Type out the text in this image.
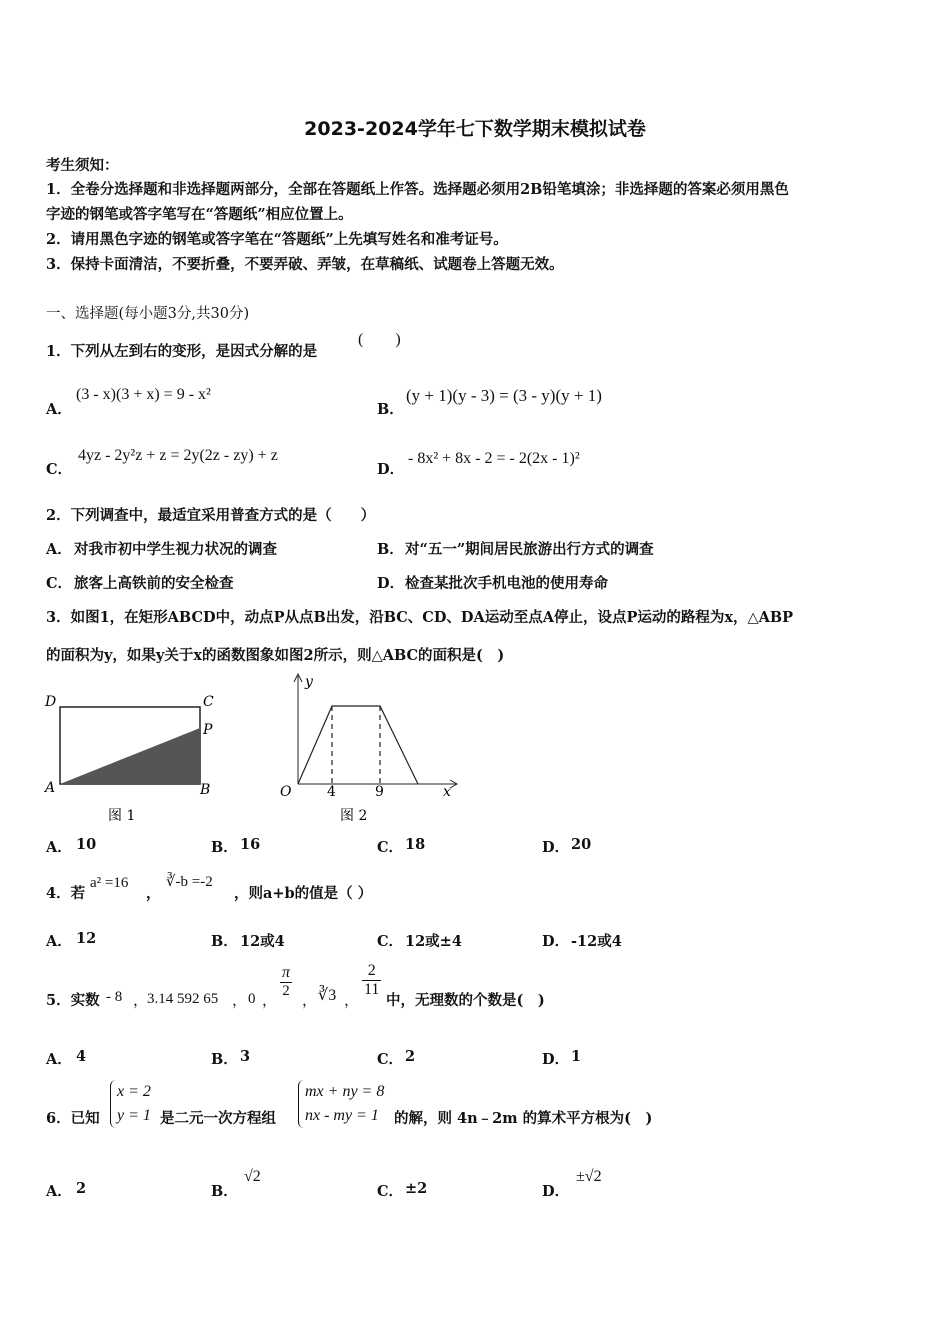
2023-2024学年七下数学期末模拟试卷
考生须知：
1．全卷分选择题和非选择题两部分，全部在答题纸上作答。选择题必须用2B铅笔填涂；非选择题的答案必须用黑色
字迹的钢笔或答字笔写在“答题纸”相应位置上。
2．请用黑色字迹的钢笔或答字笔在“答题纸”上先填写姓名和准考证号。
3．保持卡面清洁，不要折叠，不要弄破、弄皱，在草稿纸、试题卷上答题无效。
一、选择题(每小题3分,共30分)
1．下列从左到右的变形，是因式分解的是
(　　)
A．
(3 - x)(3 + x) = 9 - x²
B．
(y + 1)(y - 3) = (3 - y)(y + 1)
C．
4yz - 2y²z + z = 2y(2z - zy) + z
D．
- 8x² + 8x - 2 = - 2(2x - 1)²
2．下列调查中，最适宜采用普查方式的是（　　）
A． 对我市初中学生视力状况的调查	B． 对“五一”期间居民旅游出行方式的调查
C． 旅客上高铁前的安全检查	D． 检查某批次手机电池的使用寿命
3．如图1，在矩形ABCD中，动点P从点B出发，沿BC、CD、DA运动至点A停止，设点P运动的路程为x，△ABP
的面积为y，如果y关于x的函数图象如图2所示，则△ABC的面积是(　)
D	C
P
A	B
图 1
y
O	4	9	x
图 2
A． 10	B． 16	C． 18	D． 20
4．若
a² =16
，
∛-b =-2
，则a+b的值是（ ）
A． 12	B． 12或4	C． 12或±4	D． -12或4
5．实数 - 8 ，
3.14 592 65 ， 0 ，
$\frac{\pi}{2}$
， ∛3 ，
$\frac{2}{11}$
中，无理数的个数是(　)
A． 4	B． 3	C． 2	D． 1
6．已知
x = 2
y = 1 是二元一次方程组
mx + ny = 8
nx - my = 1	的解，则 4n﹣2m 的算术平方根为(　)
A． 2	B．
√2
C． ±2	D．
±√2
